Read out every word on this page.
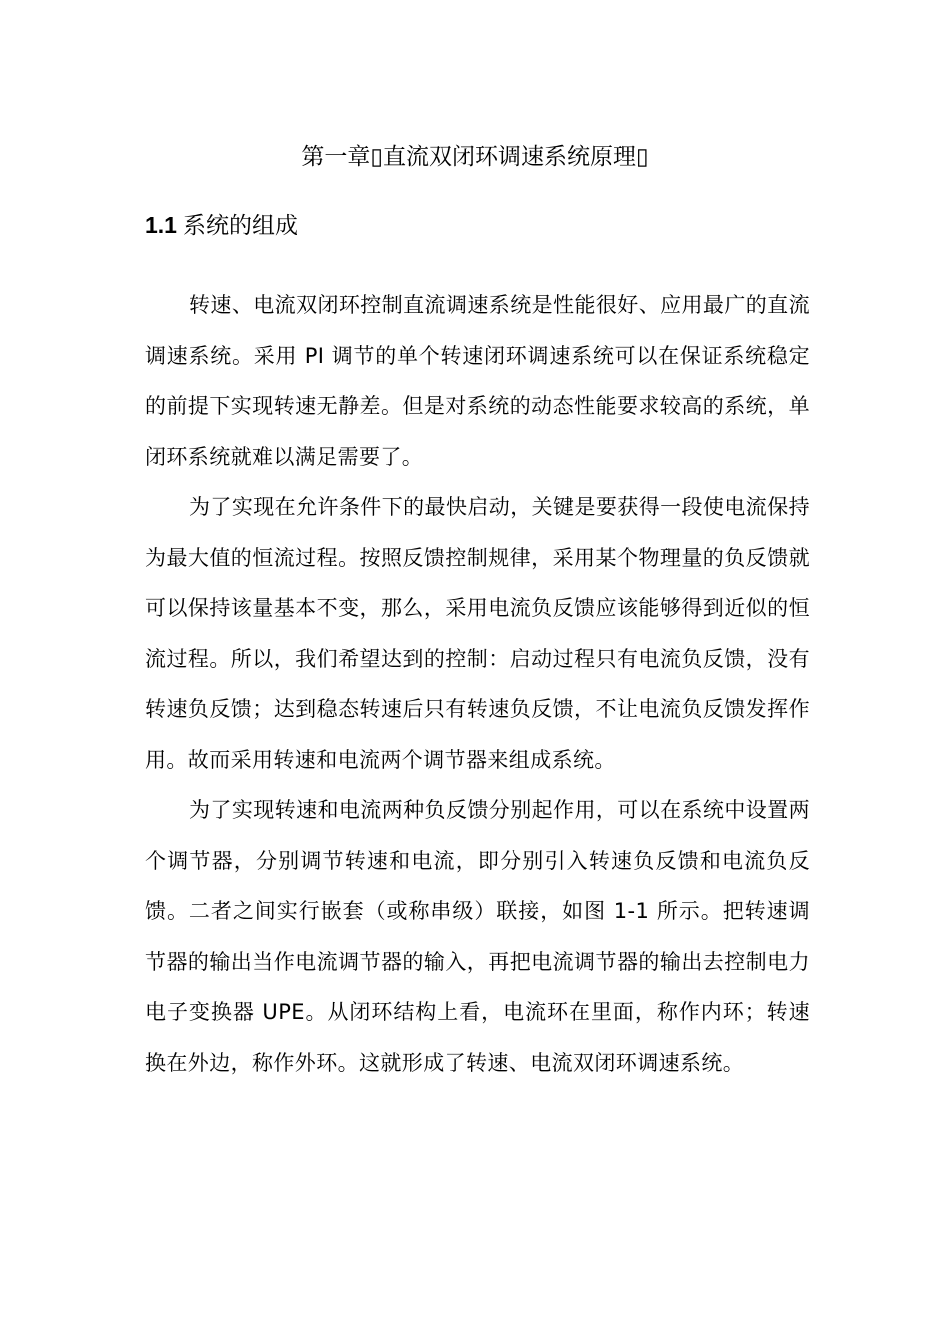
第一章▯直流双闭环调速系统原理▯
1.1 系统的组成

转速、电流双闭环控制直流调速系统是性能很好、应用最广的直流调速系统。采用 PI 调节的单个转速闭环调速系统可以在保证系统稳定的前提下实现转速无静差。但是对系统的动态性能要求较高的系统，单闭环系统就难以满足需要了。

为了实现在允许条件下的最快启动，关键是要获得一段使电流保持为最大值的恒流过程。按照反馈控制规律，采用某个物理量的负反馈就可以保持该量基本不变，那么，采用电流负反馈应该能够得到近似的恒流过程。所以，我们希望达到的控制：启动过程只有电流负反馈，没有转速负反馈；达到稳态转速后只有转速负反馈，不让电流负反馈发挥作用。故而采用转速和电流两个调节器来组成系统。

为了实现转速和电流两种负反馈分别起作用，可以在系统中设置两个调节器，分别调节转速和电流，即分别引入转速负反馈和电流负反馈。二者之间实行嵌套（或称串级）联接，如图 1-1 所示。把转速调节器的输出当作电流调节器的输入，再把电流调节器的输出去控制电力电子变换器 UPE。从闭环结构上看，电流环在里面，称作内环；转速换在外边，称作外环。这就形成了转速、电流双闭环调速系统。
